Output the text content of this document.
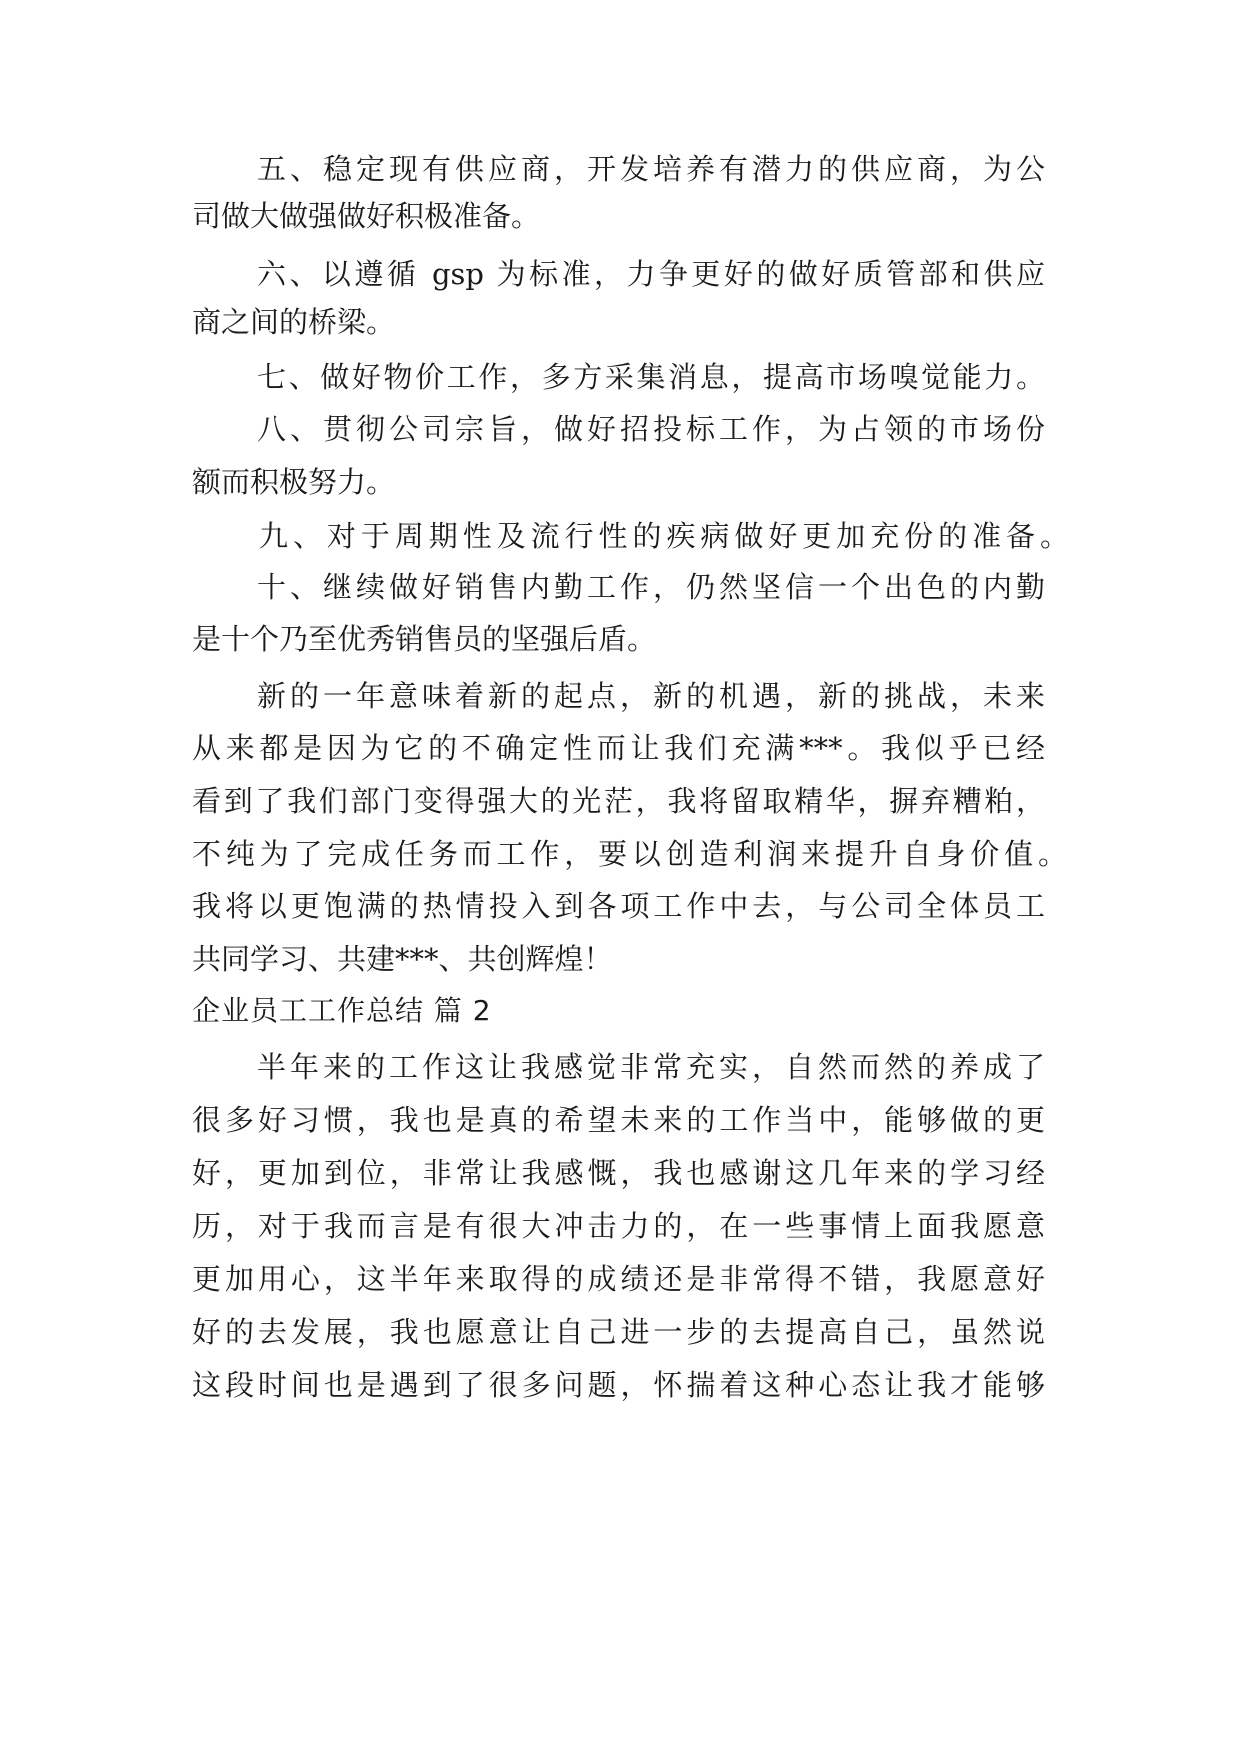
五、稳定现有供应商，开发培养有潜力的供应商，为公
司做大做强做好积极准备。
六、以遵循 gsp 为标准，力争更好的做好质管部和供应
商之间的桥梁。
七、做好物价工作，多方采集消息，提高市场嗅觉能力。
八、贯彻公司宗旨，做好招投标工作，为占领的市场份
额而积极努力。
九、对于周期性及流行性的疾病做好更加充份的准备。
十、继续做好销售内勤工作，仍然坚信一个出色的内勤
是十个乃至优秀销售员的坚强后盾。
新的一年意味着新的起点，新的机遇，新的挑战，未来
从来都是因为它的不确定性而让我们充满***。我似乎已经
看到了我们部门变得强大的光茫，我将留取精华，摒弃糟粕，
不纯为了完成任务而工作，要以创造利润来提升自身价值。
我将以更饱满的热情投入到各项工作中去，与公司全体员工
共同学习、共建***、共创辉煌！
企业员工工作总结 篇 2
半年来的工作这让我感觉非常充实，自然而然的养成了
很多好习惯，我也是真的希望未来的工作当中，能够做的更
好，更加到位，非常让我感慨，我也感谢这几年来的学习经
历，对于我而言是有很大冲击力的，在一些事情上面我愿意
更加用心，这半年来取得的成绩还是非常得不错，我愿意好
好的去发展，我也愿意让自己进一步的去提高自己，虽然说
这段时间也是遇到了很多问题，怀揣着这种心态让我才能够
